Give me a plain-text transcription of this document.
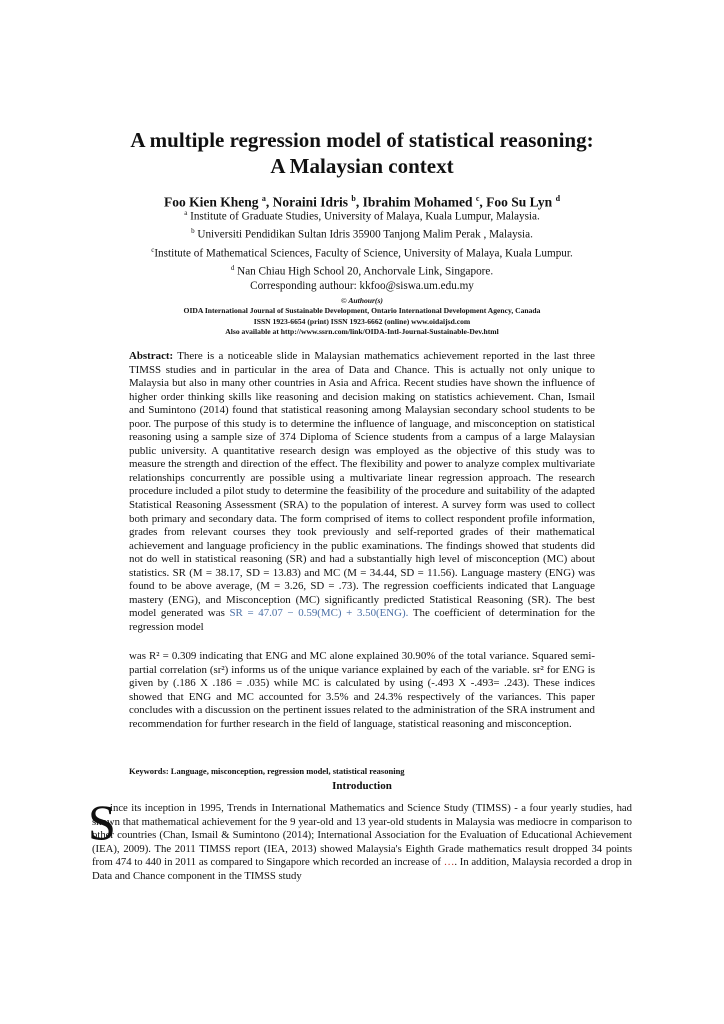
A multiple regression model of statistical reasoning:
A Malaysian context
Foo Kien Kheng $^a$, Noraini Idris $^b$, Ibrahim Mohamed $^c$, Foo Su Lyn $^d$
$^a$ Institute of Graduate Studies, University of Malaya, Kuala Lumpur, Malaysia.
$^b$ Universiti Pendidikan Sultan Idris 35900 Tanjong Malim Perak , Malaysia.
$^c$Institute of Mathematical Sciences, Faculty of Science, University of Malaya, Kuala Lumpur.
$^d$ Nan Chiau High School 20, Anchorvale Link, Singapore.
Corresponding authour: kkfoo@siswa.um.edu.my
© Authour(s)
OIDA International Journal of Sustainable Development, Ontario International Development Agency, Canada
ISSN 1923-6654 (print) ISSN 1923-6662 (online) www.oidaijsd.com
Also available at http://www.ssrn.com/link/OIDA-Intl-Journal-Sustainable-Dev.html
Abstract: There is a noticeable slide in Malaysian mathematics achievement reported in the last three TIMSS studies and in particular in the area of Data and Chance. This is actually not only unique to Malaysia but also in many other countries in Asia and Africa. Recent studies have shown the influence of higher order thinking skills like reasoning and decision making on statistics achievement. Chan, Ismail and Sumintono (2014) found that statistical reasoning among Malaysian secondary school students to be poor. The purpose of this study is to determine the influence of language, and misconception on statistical reasoning using a sample size of 374 Diploma of Science students from a campus of a large Malaysian public university. A quantitative research design was employed as the objective of this study was to measure the strength and direction of the effect. The flexibility and power to analyze complex multivariate relationships concurrently are possible using a multivariate linear regression approach. The research procedure included a pilot study to determine the feasibility of the procedure and suitability of the adapted Statistical Reasoning Assessment (SRA) to the population of interest. A survey form was used to collect both primary and secondary data. The form comprised of items to collect respondent profile information, grades from relevant courses they took previously and self-reported grades of their mathematical achievement and language proficiency in the public examinations. The findings showed that students did not do well in statistical reasoning (SR) and had a substantially high level of misconception (MC) about statistics. SR (M = 38.17, SD = 13.83) and MC (M = 34.44, SD = 11.56). Language mastery (ENG) was found to be above average, (M = 3.26, SD = .73). The regression coefficients indicated that Language mastery (ENG), and Misconception (MC) significantly predicted Statistical Reasoning (SR). The best model generated was SR = 47.07 − 0.59(MC) + 3.50(ENG). The coefficient of determination for the regression model
was R² = 0.309 indicating that ENG and MC alone explained 30.90% of the total variance. Squared semi-partial correlation (sr²) informs us of the unique variance explained by each of the variable. sr² for ENG is given by (.186 X .186 = .035) while MC is calculated by using (-.493 X -.493= .243). These indices showed that ENG and MC accounted for 3.5% and 24.3% respectively of the variances. This paper concludes with a discussion on the pertinent issues related to the administration of the SRA instrument and recommendation for further research in the field of language, statistical reasoning and misconception.
Keywords: Language, misconception, regression model, statistical reasoning
Introduction
S
ince its inception in 1995, Trends in International Mathematics and Science Study (TIMSS) - a four yearly studies, had shown that mathematical achievement for the 9 year-old and 13 year-old students in Malaysia was mediocre in comparison to other countries (Chan, Ismail & Sumintono (2014); International Association for the Evaluation of Educational Achievement (IEA), 2009). The 2011 TIMSS report (IEA, 2013) showed Malaysia's Eighth Grade mathematics result dropped 34 points from 474 to 440 in 2011 as compared to Singapore which recorded an increase of …. In addition, Malaysia recorded a drop in Data and Chance component in the TIMSS study
